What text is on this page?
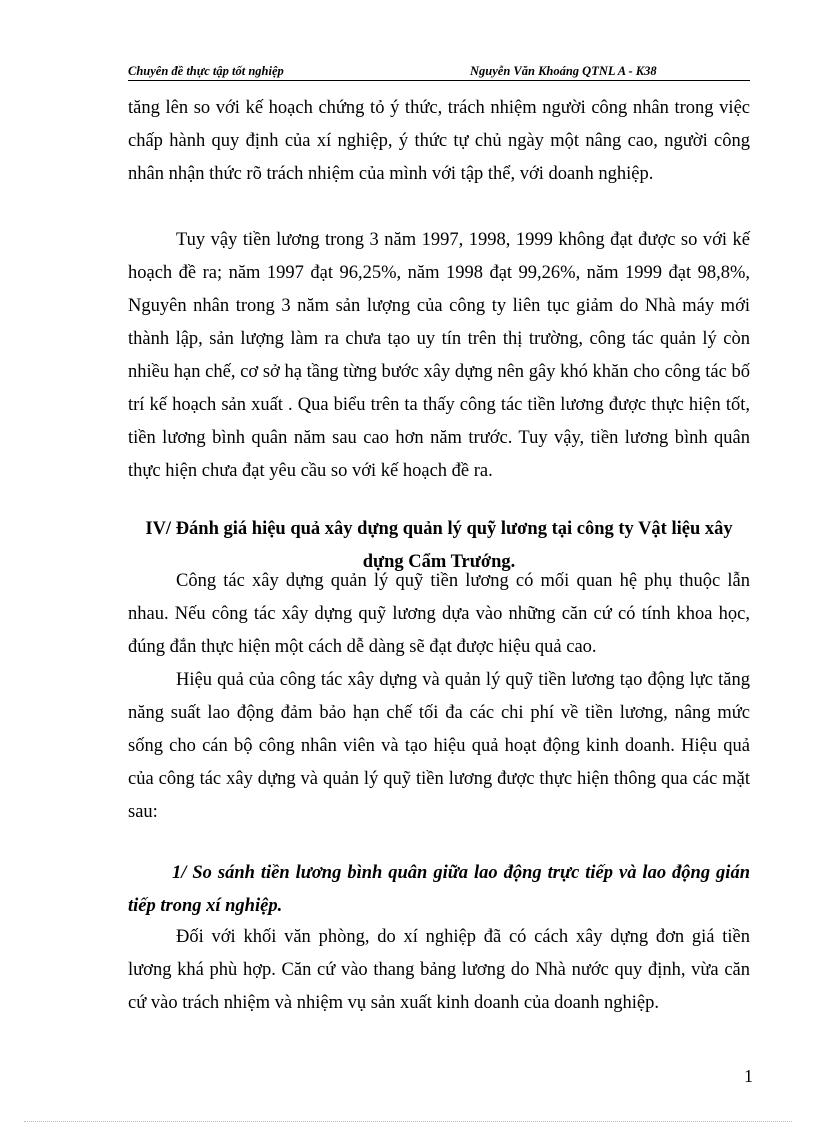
Chuyên đề thực tập tốt nghiệp	Nguyễn Văn Khoáng QTNL A - K38
tăng lên so với kế hoạch chứng tỏ ý thức, trách nhiệm người công nhân trong việc chấp hành quy định của xí nghiệp, ý thức tự chủ ngày một nâng cao, người công nhân nhận thức rõ trách nhiệm của mình với tập thể, với doanh nghiệp.
Tuy vậy tiền lương trong 3 năm 1997, 1998, 1999 không đạt được so với kế hoạch đề ra; năm 1997 đạt 96,25%, năm 1998 đạt 99,26%, năm 1999 đạt 98,8%, Nguyên nhân trong 3 năm sản lượng của công ty liên tục giảm do Nhà máy mới thành lập, sản lượng làm ra chưa tạo uy tín trên thị trường, công tác quản lý còn nhiều hạn chế, cơ sở hạ tầng từng bước xây dựng nên gây khó khăn cho công tác bố trí kế hoạch sản xuất . Qua biểu trên ta thấy công tác tiền lương được thực hiện tốt, tiền lương bình quân năm sau cao hơn năm trước. Tuy vậy, tiền lương bình quân thực hiện chưa đạt yêu cầu so với kế hoạch đề ra.
IV/ Đánh giá hiệu quả xây dựng quản lý quỹ lương tại công ty Vật liệu xây dựng Cẩm Trướng.
Công tác xây dựng quản lý quỹ tiền lương có mối quan hệ phụ thuộc lẫn nhau. Nếu công tác xây dựng quỹ lương dựa vào những căn cứ có tính khoa học, đúng đắn thực hiện một cách dễ dàng sẽ đạt được hiệu quả cao.
Hiệu quả của công tác xây dựng và quản lý quỹ tiền lương tạo động lực tăng năng suất lao động đảm bảo hạn chế tối đa các chi phí về tiền lương, nâng mức sống cho cán bộ công nhân viên và tạo hiệu quả hoạt động kinh doanh. Hiệu quả của công tác xây dựng và quản lý quỹ tiền lương được thực hiện thông qua các mặt sau:
1/ So sánh tiền lương bình quân giữa lao động trực tiếp và lao động gián tiếp trong xí nghiệp.
Đối với khối văn phòng, do xí nghiệp đã có cách xây dựng đơn giá tiền lương khá phù hợp. Căn cứ vào thang bảng lương do Nhà nước quy định, vừa căn cứ vào trách nhiệm và nhiệm vụ sản xuất kinh doanh của doanh nghiệp.
1
